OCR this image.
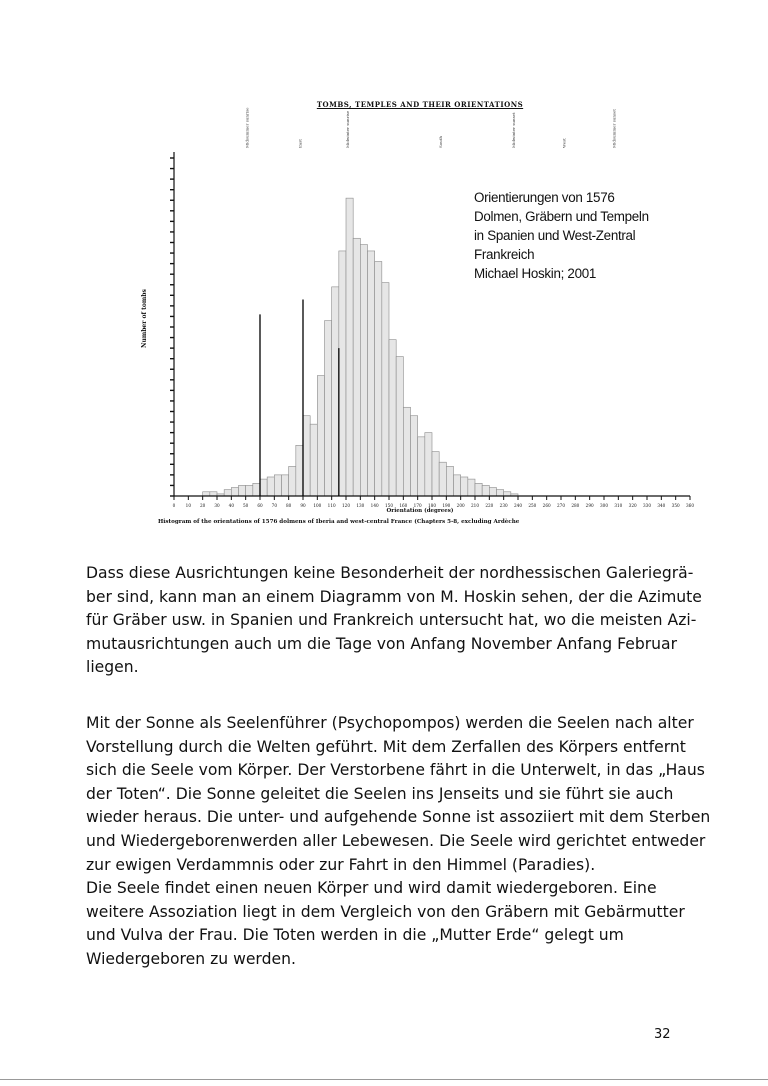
TOMBS, TEMPLES AND THEIR ORIENTATIONS
0 10 20 30 40 50 60 70 80 90 100 110 120 130 140 150 160 170 180 190 200 210 220 230 240 250 260 270 280 290 300 310 320 330 340 350 360
Midsummer sunrise	East	Midwinter sunrise	South	Midwinter sunset	West	Midsummer sunset
Number of tombs
Orientation (degrees)
Histogram of the orientations of 1576 dolmens of Iberia and west-central France (Chapters 5-8, excluding Ardèche
Orientierungen von 1576
Dolmen, Gräbern und Tempeln
in Spanien und West-Zentral
Frankreich
Michael Hoskin; 2001
Dass diese Ausrichtungen keine Besonderheit der nordhessischen Galeriegrä-
ber sind, kann man an einem Diagramm von M. Hoskin sehen, der die Azimute
für Gräber usw. in Spanien und Frankreich untersucht hat, wo die meisten Azi-
mutausrichtungen auch um die Tage von Anfang November Anfang Februar
liegen.
Mit der Sonne als Seelenführer (Psychopompos) werden die Seelen nach alter
Vorstellung durch die Welten geführt. Mit dem Zerfallen des Körpers entfernt
sich die Seele vom Körper. Der Verstorbene fährt in die Unterwelt, in das „Haus
der Toten“. Die Sonne geleitet die Seelen ins Jenseits und sie führt sie auch
wieder heraus. Die unter- und aufgehende Sonne ist assoziiert mit dem Sterben
und Wiedergeborenwerden aller Lebewesen. Die Seele wird gerichtet entweder
zur ewigen Verdammnis oder zur Fahrt in den Himmel (Paradies).
Die Seele findet einen neuen Körper und wird damit wiedergeboren. Eine
weitere Assoziation liegt in dem Vergleich von den Gräbern mit Gebärmutter
und Vulva der Frau. Die Toten werden in die „Mutter Erde“ gelegt um
Wiedergeboren zu werden.
32
